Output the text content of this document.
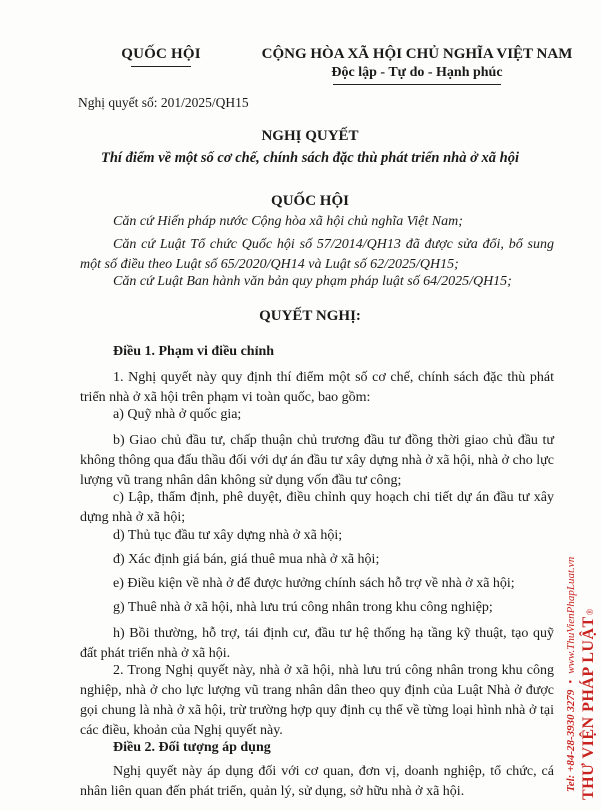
QUỐC HỘI	CỘNG HÒA XÃ HỘI CHỦ NGHĨA VIỆT NAM
Độc lập - Tự do - Hạnh phúc
Nghị quyết số: 201/2025/QH15
NGHỊ QUYẾT
Thí điểm về một số cơ chế, chính sách đặc thù phát triển nhà ở xã hội
QUỐC HỘI
Căn cứ Hiến pháp nước Cộng hòa xã hội chủ nghĩa Việt Nam;
Căn cứ Luật Tổ chức Quốc hội số 57/2014/QH13 đã được sửa đổi, bổ sung một số điều theo Luật số 65/2020/QH14 và Luật số 62/2025/QH15;
Căn cứ Luật Ban hành văn bản quy phạm pháp luật số 64/2025/QH15;
QUYẾT NGHỊ:
Điều 1. Phạm vi điều chỉnh
1. Nghị quyết này quy định thí điểm một số cơ chế, chính sách đặc thù phát triển nhà ở xã hội trên phạm vi toàn quốc, bao gồm:
a) Quỹ nhà ở quốc gia;
b) Giao chủ đầu tư, chấp thuận chủ trương đầu tư đồng thời giao chủ đầu tư không thông qua đấu thầu đối với dự án đầu tư xây dựng nhà ở xã hội, nhà ở cho lực lượng vũ trang nhân dân không sử dụng vốn đầu tư công;
c) Lập, thẩm định, phê duyệt, điều chỉnh quy hoạch chi tiết dự án đầu tư xây dựng nhà ở xã hội;
d) Thủ tục đầu tư xây dựng nhà ở xã hội;
đ) Xác định giá bán, giá thuê mua nhà ở xã hội;
e) Điều kiện về nhà ở để được hưởng chính sách hỗ trợ về nhà ở xã hội;
g) Thuê nhà ở xã hội, nhà lưu trú công nhân trong khu công nghiệp;
h) Bồi thường, hỗ trợ, tái định cư, đầu tư hệ thống hạ tầng kỹ thuật, tạo quỹ đất phát triển nhà ở xã hội.
2. Trong Nghị quyết này, nhà ở xã hội, nhà lưu trú công nhân trong khu công nghiệp, nhà ở cho lực lượng vũ trang nhân dân theo quy định của Luật Nhà ở được gọi chung là nhà ở xã hội, trừ trường hợp quy định cụ thể về từng loại hình nhà ở tại các điều, khoản của Nghị quyết này.
Điều 2. Đối tượng áp dụng
Nghị quyết này áp dụng đối với cơ quan, đơn vị, doanh nghiệp, tổ chức, cá nhân liên quan đến phát triển, quản lý, sử dụng, sở hữu nhà ở xã hội.	Tel: +84-28-3930 3279
•
www.ThuVienPhapLuat.vn
THƯ VIỆN PHÁP LUẬT
®
